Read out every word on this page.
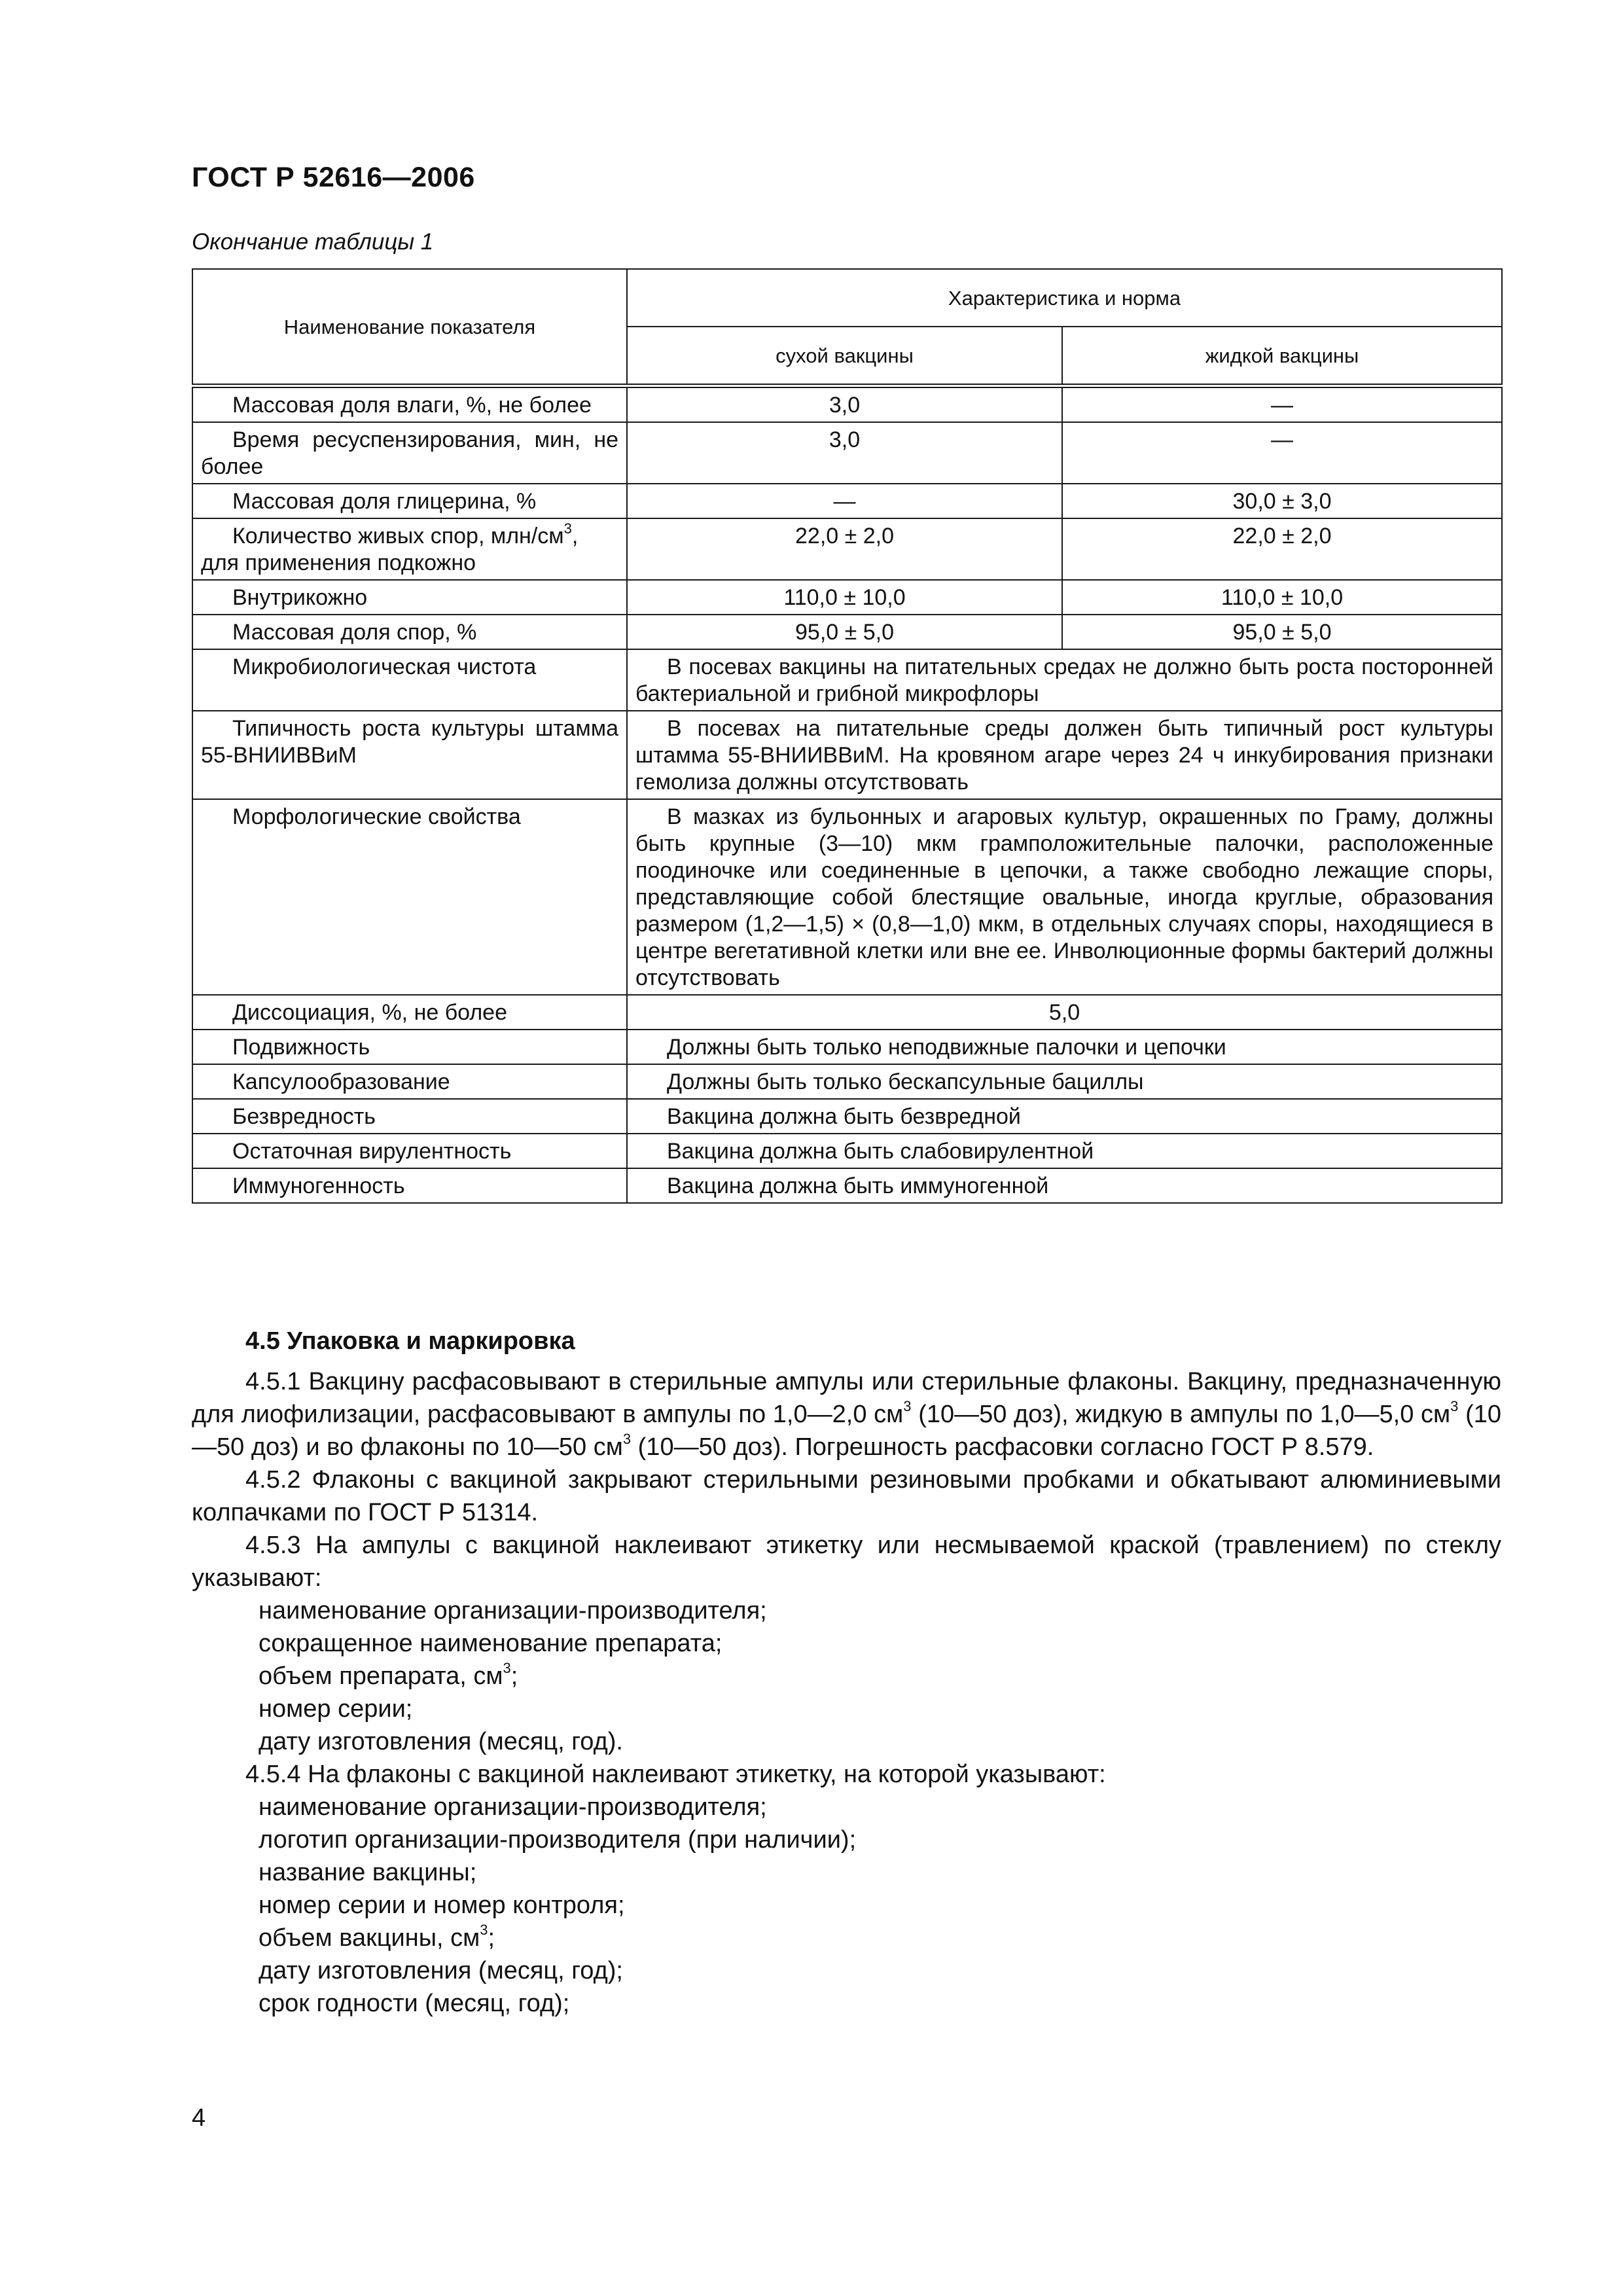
ГОСТ Р 52616—2006
Окончание таблицы 1
Наименование показателя	Характеристика и норма	
	сухой вакцины	жидкой вакцины
Массовая доля влаги, %, не более	3,0	—
Время ресуспензирования, мин, не более	3,0	—
Массовая доля глицерина, %	—	30,0 ± 3,0
Количество живых спор, млн/$см^3$, для применения подкожно	22,0 ± 2,0	22,0 ± 2,0
Внутрикожно	110,0 ± 10,0	110,0 ± 10,0
Массовая доля спор, %	95,0 ± 5,0	95,0 ± 5,0
Микробиологическая чистота	В посевах вакцины на питательных средах не должно быть роста посторонней бактериальной и грибной микрофлоры	
Типичность роста культуры штамма 55-ВНИИВВиМ	В посевах на питательные среды должен быть типичный рост культуры штамма 55-ВНИИВВиМ. На кровяном агаре через 24 ч инкубирования признаки гемолиза должны отсутствовать	
Морфологические свойства	В мазках из бульонных и агаровых культур, окрашенных по Граму, должны быть крупные (3—10) мкм грамположительные палочки, расположенные поодиночке или соединенные в цепочки, а также свободно лежащие споры, представляющие собой блестящие овальные, иногда круглые, образования размером (1,2—1,5) × (0,8—1,0) мкм, в отдельных случаях споры, находящиеся в центре вегетативной клетки или вне ее. Инволюционные формы бактерий должны отсутствовать	
Диссоциация, %, не более	5,0	
Подвижность	Должны быть только неподвижные палочки и цепочки	
Капсулообразование	Должны быть только бескапсульные бациллы	
Безвредность	Вакцина должна быть безвредной	
Остаточная вирулентность	Вакцина должна быть слабовирулентной	
Иммуногенность	Вакцина должна быть иммуногенной	
4.5 Упаковка и маркировка

4.5.1 Вакцину расфасовывают в стерильные ампулы или стерильные флаконы. Вакцину, предназначенную для лиофилизации, расфасовывают в ампулы по 1,0—2,0 $см^3$ (10—50 доз), жидкую в ампулы по 1,0—5,0 $см^3$ (10—50 доз) и во флаконы по 10—50 $см^3$ (10—50 доз). Погрешность расфасовки согласно ГОСТ Р 8.579.

4.5.2 Флаконы с вакциной закрывают стерильными резиновыми пробками и обкатывают алюминиевыми колпачками по ГОСТ Р 51314.

4.5.3 На ампулы с вакциной наклеивают этикетку или несмываемой краской (травлением) по стеклу указывают:

наименование организации-производителя;
сокращенное наименование препарата;
объем препарата, $см^3$;
номер серии;
дату изготовления (месяц, год).

4.5.4 На флаконы с вакциной наклеивают этикетку, на которой указывают:

наименование организации-производителя;
логотип организации-производителя (при наличии);
название вакцины;
номер серии и номер контроля;
объем вакцины, $см^3$;
дату изготовления (месяц, год);
срок годности (месяц, год);
4
